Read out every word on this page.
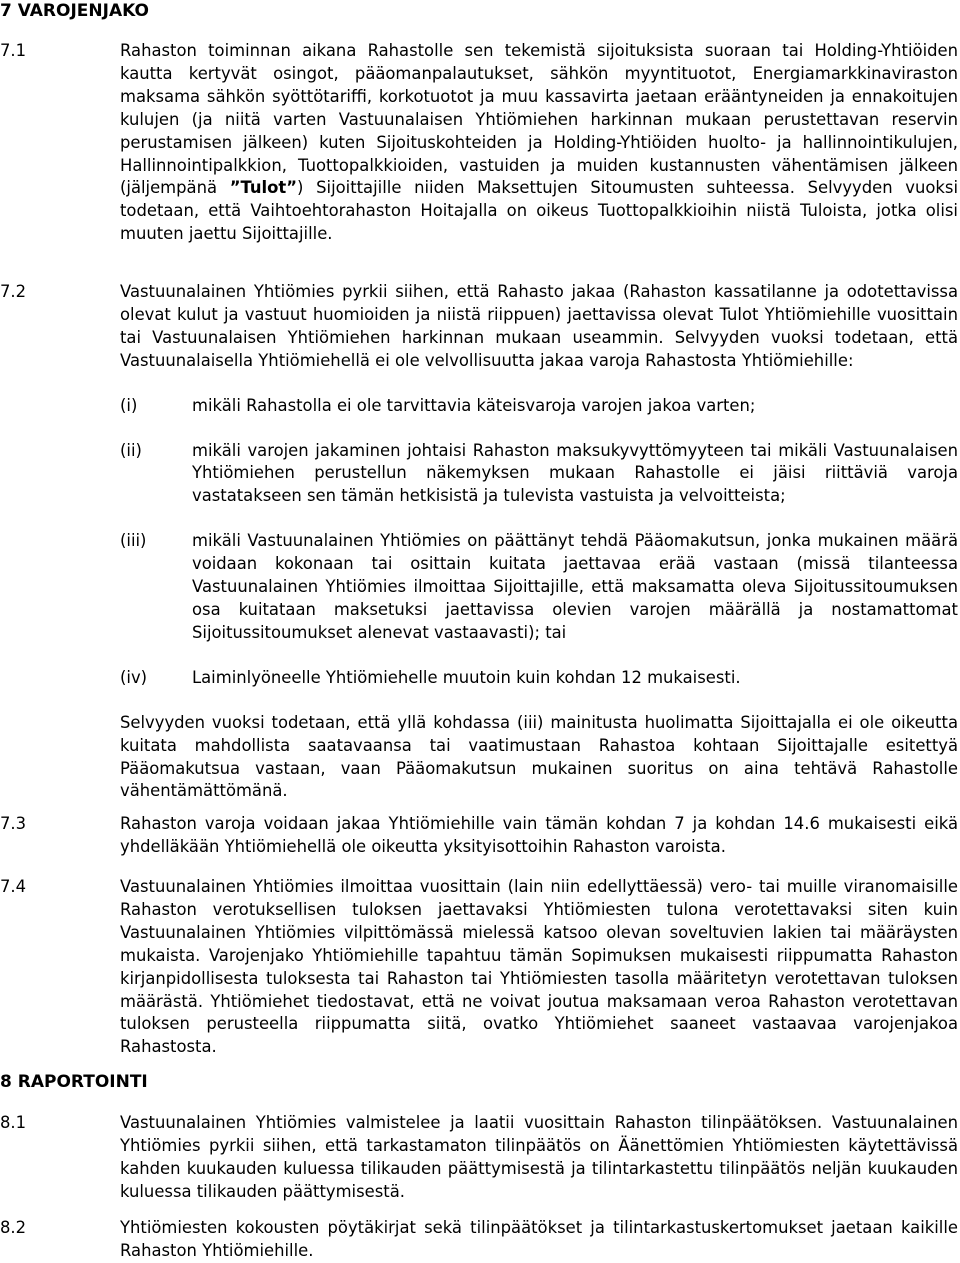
7 VAROJENJAKO
7.1	Rahaston toiminnan aikana Rahastolle sen tekemistä sijoituksista suoraan tai Holding-Yhtiöiden kautta kertyvät osingot, pääomanpalautukset, sähkön myyntituotot, Energiamarkkinaviraston maksama sähkön syöttötariffi, korkotuotot ja muu kassavirta jaetaan erääntyneiden ja ennakoitujen kulujen (ja niitä varten Vastuunalaisen Yhtiömiehen harkinnan mukaan perustettavan reservin perustamisen jälkeen) kuten Sijoituskohteiden ja Holding-Yhtiöiden huolto- ja hallinnointikulujen, Hallinnointipalkkion, Tuottopalkkioiden, vastuiden ja muiden kustannusten vähentämisen jälkeen (jäljempänä ”Tulot”) Sijoittajille niiden Maksettujen Sitoumusten suhteessa. Selvyyden vuoksi todetaan, että Vaihtoehtorahaston Hoitajalla on oikeus Tuottopalkkioihin niistä Tuloista, jotka olisi muuten jaettu Sijoittajille.

7.2	Vastuunalainen Yhtiömies pyrkii siihen, että Rahasto jakaa (Rahaston kassatilanne ja odotettavissa olevat kulut ja vastuut huomioiden ja niistä riippuen) jaettavissa olevat Tulot Yhtiömiehille vuosittain tai Vastuunalaisen Yhtiömiehen harkinnan mukaan useammin. Selvyyden vuoksi todetaan, että Vastuunalaisella Yhtiömiehellä ei ole velvollisuutta jakaa varoja Rahastosta Yhtiömiehille:

(i)	mikäli Rahastolla ei ole tarvittavia käteisvaroja varojen jakoa varten;
(ii)	mikäli varojen jakaminen johtaisi Rahaston maksukyvyttömyyteen tai mikäli Vastuunalaisen Yhtiömiehen perustellun näkemyksen mukaan Rahastolle ei jäisi riittäviä varoja vastatakseen sen tämän hetkisistä ja tulevista vastuista ja velvoitteista;
(iii)	mikäli Vastuunalainen Yhtiömies on päättänyt tehdä Pääomakutsun, jonka mukainen määrä voidaan kokonaan tai osittain kuitata jaettavaa erää vastaan (missä tilanteessa Vastuunalainen Yhtiömies ilmoittaa Sijoittajille, että maksamatta oleva Sijoitussitoumuksen osa kuitataan maksetuksi jaettavissa olevien varojen määrällä ja nostamattomat Sijoitussitoumukset alenevat vastaavasti); tai
(iv)	Laiminlyöneelle Yhtiömiehelle muutoin kuin kohdan 12 mukaisesti.

Selvyyden vuoksi todetaan, että yllä kohdassa (iii) mainitusta huolimatta Sijoittajalla ei ole oikeutta kuitata mahdollista saatavaansa tai vaatimustaan Rahastoa kohtaan Sijoittajalle esitettyä Pääomakutsua vastaan, vaan Pääomakutsun mukainen suoritus on aina tehtävä Rahastolle vähentämättömänä.

7.3	Rahaston varoja voidaan jakaa Yhtiömiehille vain tämän kohdan 7 ja kohdan 14.6 mukaisesti eikä yhdelläkään Yhtiömiehellä ole oikeutta yksityisottoihin Rahaston varoista.

7.4	Vastuunalainen Yhtiömies ilmoittaa vuosittain (lain niin edellyttäessä) vero- tai muille viranomaisille Rahaston verotuksellisen tuloksen jaettavaksi Yhtiömiesten tulona verotettavaksi siten kuin Vastuunalainen Yhtiömies vilpittömässä mielessä katsoo olevan soveltuvien lakien tai määräysten mukaista. Varojenjako Yhtiömiehille tapahtuu tämän Sopimuksen mukaisesti riippumatta Rahaston kirjanpidollisesta tuloksesta tai Rahaston tai Yhtiömiesten tasolla määritetyn verotettavan tuloksen määrästä. Yhtiömiehet tiedostavat, että ne voivat joutua maksamaan veroa Rahaston verotettavan tuloksen perusteella riippumatta siitä, ovatko Yhtiömiehet saaneet vastaavaa varojenjakoa Rahastosta.

8 RAPORTOINTI
8.1	Vastuunalainen Yhtiömies valmistelee ja laatii vuosittain Rahaston tilinpäätöksen. Vastuunalainen Yhtiömies pyrkii siihen, että tarkastamaton tilinpäätös on Äänettömien Yhtiömiesten käytettävissä kahden kuukauden kuluessa tilikauden päättymisestä ja tilintarkastettu tilinpäätös neljän kuukauden kuluessa tilikauden päättymisestä.

8.2	Yhtiömiesten kokousten pöytäkirjat sekä tilinpäätökset ja tilintarkastuskertomukset jaetaan kaikille Rahaston Yhtiömiehille.
